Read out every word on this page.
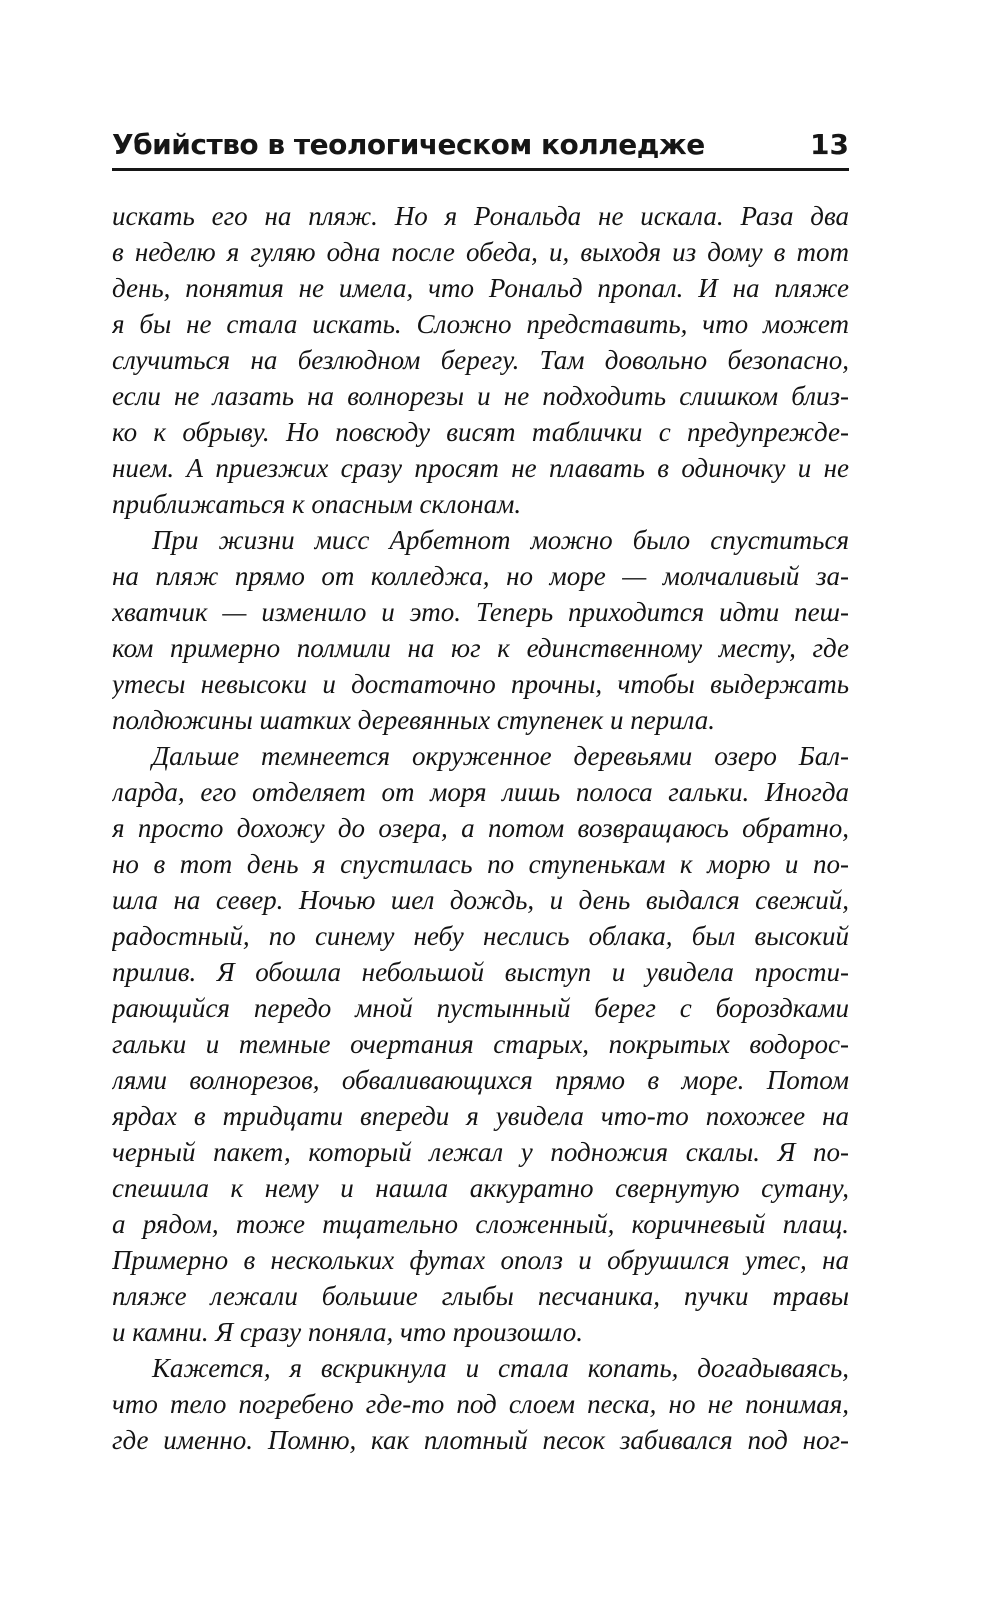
Убийство в теологическом колледже	13
искать его на пляж. Но я Рональда не искала. Раза два
в неделю я гуляю одна после обеда, и, выходя из дому в тот
день, понятия не имела, что Рональд пропал. И на пляже
я бы не стала искать. Сложно представить, что может
случиться на безлюдном берегу. Там довольно безопасно,
если не лазать на волнорезы и не подходить слишком близ-
ко к обрыву. Но повсюду висят таблички с предупрежде-
нием. А приезжих сразу просят не плавать в одиночку и не
приближаться к опасным склонам.
При жизни мисс Арбетнот можно было спуститься
на пляж прямо от колледжа, но море — молчаливый за-
хватчик — изменило и это. Теперь приходится идти пеш-
ком примерно полмили на юг к единственному месту, где
утесы невысоки и достаточно прочны, чтобы выдержать
полдюжины шатких деревянных ступенек и перила.
Дальше темнеется окруженное деревьями озеро Бал-
ларда, его отделяет от моря лишь полоса гальки. Иногда
я просто дохожу до озера, а потом возвращаюсь обратно,
но в тот день я спустилась по ступенькам к морю и по-
шла на север. Ночью шел дождь, и день выдался свежий,
радостный, по синему небу неслись облака, был высокий
прилив. Я обошла небольшой выступ и увидела прости-
рающийся передо мной пустынный берег с бороздками
гальки и темные очертания старых, покрытых водорос-
лями волнорезов, обваливающихся прямо в море. Потом
ярдах в тридцати впереди я увидела что-то похожее на
черный пакет, который лежал у подножия скалы. Я по-
спешила к нему и нашла аккуратно свернутую сутану,
а рядом, тоже тщательно сложенный, коричневый плащ.
Примерно в нескольких футах ополз и обрушился утес, на
пляже лежали большие глыбы песчаника, пучки травы
и камни. Я сразу поняла, что произошло.
Кажется, я вскрикнула и стала копать, догадываясь,
что тело погребено где-то под слоем песка, но не понимая,
где именно. Помню, как плотный песок забивался под ног-
